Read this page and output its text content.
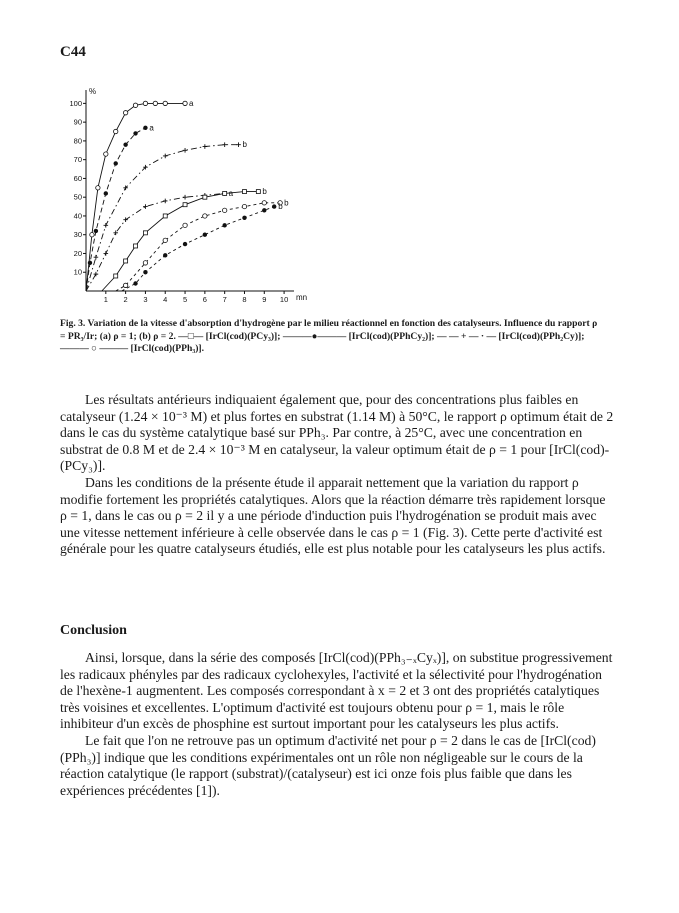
C44
%
mn
10
20
30
40
50
60
70
80
90
100
1 2 3 4 5 6 7 8 9 10
a
a
b
a	b
b
b
Fig. 3. Variation de la vitesse d'absorption d'hydrogène par le milieu réactionnel en fonction des catalyseurs. Influence du rapport ρ = PR₃/Ir; (a) ρ = 1; (b) ρ = 2. —□— [IrCl(cod)(PCy₃)]; ———●——— [IrCl(cod)(PPhCy₂)]; — — + — · — [IrCl(cod)(PPh₂Cy)]; ——— ○ ——— [IrCl(cod)(PPh₃)].

Les résultats antérieurs indiquaient également que, pour des concentrations plus faibles en catalyseur (1.24 × 10⁻³ M) et plus fortes en substrat (1.14 M) à 50°C, le rapport ρ optimum était de 2 dans le cas du système catalytique basé sur PPh₃. Par contre, à 25°C, avec une concentration en substrat de 0.8 M et de 2.4 × 10⁻³ M en catalyseur, la valeur optimum était de ρ = 1 pour [IrCl(cod)-(PCy₃)].

Dans les conditions de la présente étude il apparait nettement que la variation du rapport ρ modifie fortement les propriétés catalytiques. Alors que la réaction démarre très rapidement lorsque ρ = 1, dans le cas ou ρ = 2 il y a une période d'induction puis l'hydrogénation se produit mais avec une vitesse nettement inférieure à celle observée dans le cas ρ = 1 (Fig. 3). Cette perte d'activité est générale pour les quatre catalyseurs étudiés, elle est plus notable pour les catalyseurs les plus actifs.

Conclusion

Ainsi, lorsque, dans la série des composés [IrCl(cod)(PPh₃₋ₓCyₓ)], on substitue progressivement les radicaux phényles par des radicaux cyclohexyles, l'activité et la sélectivité pour l'hydrogénation de l'hexène-1 augmentent. Les composés correspondant à x = 2 et 3 ont des propriétés catalytiques très voisines et excellentes. L'optimum d'activité est toujours obtenu pour ρ = 1, mais le rôle inhibiteur d'un excès de phosphine est surtout important pour les catalyseurs les plus actifs.

Le fait que l'on ne retrouve pas un optimum d'activité net pour ρ = 2 dans le cas de [IrCl(cod)(PPh₃)] indique que les conditions expérimentales ont un rôle non négligeable sur le cours de la réaction catalytique (le rapport (substrat)/(catalyseur) est ici onze fois plus faible que dans les expériences précédentes [1]).
